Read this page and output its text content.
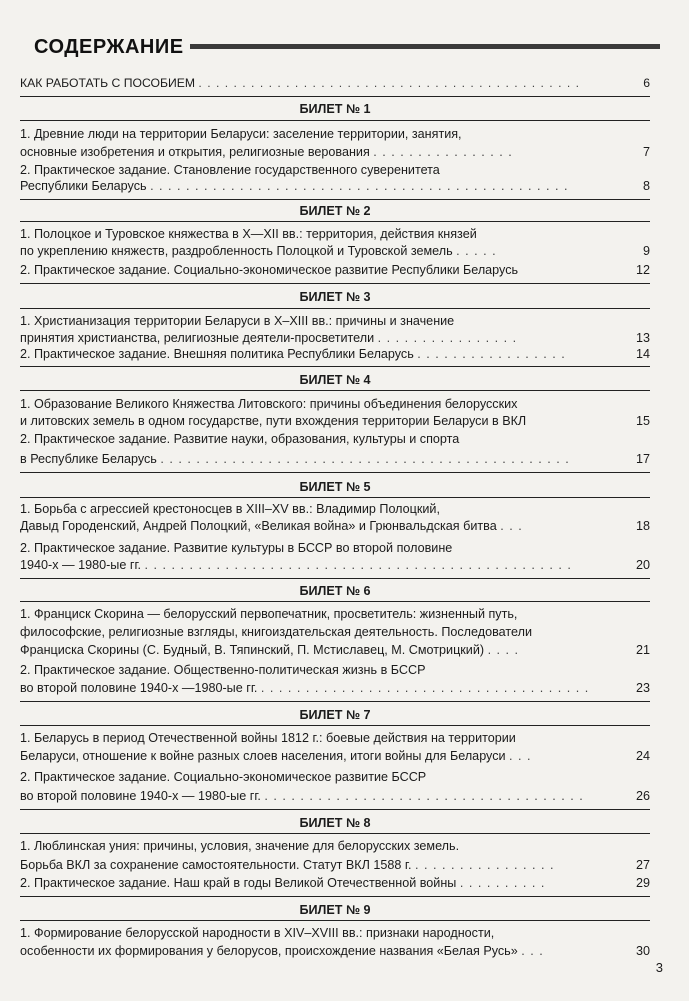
СОДЕРЖАНИЕ
КАК РАБОТАТЬ С ПОСОБИЕМ . . . . . . . . . . . . . . . . . . . . . . . . . . . . . . . . . . . . . . . . . . . .	6
БИЛЕТ № 1
1. Древние люди на территории Беларуси: заселение территории, занятия,
основные изобретения и открытия, религиозные верования . . . . . . . . . . . . . . . .	7
2. Практическое задание. Становление государственного суверенитета
Республики Беларусь . . . . . . . . . . . . . . . . . . . . . . . . . . . . . . . . . . . . . . . . . . . . . . .	8
БИЛЕТ № 2
1. Полоцкое и Туровское княжества в X—XII вв.: территория, действия князей
по укреплению княжеств, раздробленность Полоцкой и Туровской земель . . . . .	9
2. Практическое задание. Социально-экономическое развитие Республики Беларусь	12
БИЛЕТ № 3
1. Христианизация территории Беларуси в X–XIII вв.: причины и значение
принятия христианства, религиозные деятели-просветители . . . . . . . . . . . . . . . .	13
2. Практическое задание. Внешняя политика Республики Беларусь . . . . . . . . . . . . . . . . .	14
БИЛЕТ № 4
1. Образование Великого Княжества Литовского: причины объединения белорусских
и литовских земель в одном государстве, пути вхождения территории Беларуси в ВКЛ	15
2. Практическое задание. Развитие науки, образования, культуры и спорта
в Республике Беларусь . . . . . . . . . . . . . . . . . . . . . . . . . . . . . . . . . . . . . . . . . . . . . .	17
БИЛЕТ № 5
1. Борьба с агрессией крестоносцев в XIII–XV вв.: Владимир Полоцкий,
Давыд Городенский, Андрей Полоцкий, «Великая война» и Грюнвальдская битва . . .	18
2. Практическое задание. Развитие культуры в БССР во второй половине
1940-х — 1980-ые гг. . . . . . . . . . . . . . . . . . . . . . . . . . . . . . . . . . . . . . . . . . . . . . . . .	20
БИЛЕТ № 6
1. Франциск Скорина — белорусский первопечатник, просветитель: жизненный путь,
философские, религиозные взгляды, книгоиздательская деятельность. Последователи
Франциска Скорины (С. Будный, В. Тяпинский, П. Мстиславец, М. Смотрицкий) . . . .	21
2. Практическое задание. Общественно-политическая жизнь в БССР
во второй половине 1940-х —1980-ые гг. . . . . . . . . . . . . . . . . . . . . . . . . . . . . . . . . . . . . .	23
БИЛЕТ № 7
1. Беларусь в период Отечественной войны 1812 г.: боевые действия на территории
Беларуси, отношение к войне разных слоев населения, итоги войны для Беларуси . . .	24
2. Практическое задание. Социально-экономическое развитие БССР
во второй половине 1940-х — 1980-ые гг. . . . . . . . . . . . . . . . . . . . . . . . . . . . . . . . . . . . .	26
БИЛЕТ № 8
1. Люблинская уния: причины, условия, значение для белорусских земель.
Борьба ВКЛ за сохранение самостоятельности. Статут ВКЛ 1588 г. . . . . . . . . . . . . . . . .	27
2. Практическое задание. Наш край в годы Великой Отечественной войны . . . . . . . . . .	29
БИЛЕТ № 9
1. Формирование белорусской народности в XIV–XVIII вв.: признаки народности,
особенности их формирования у белорусов, происхождение названия «Белая Русь» . . .	30
3
